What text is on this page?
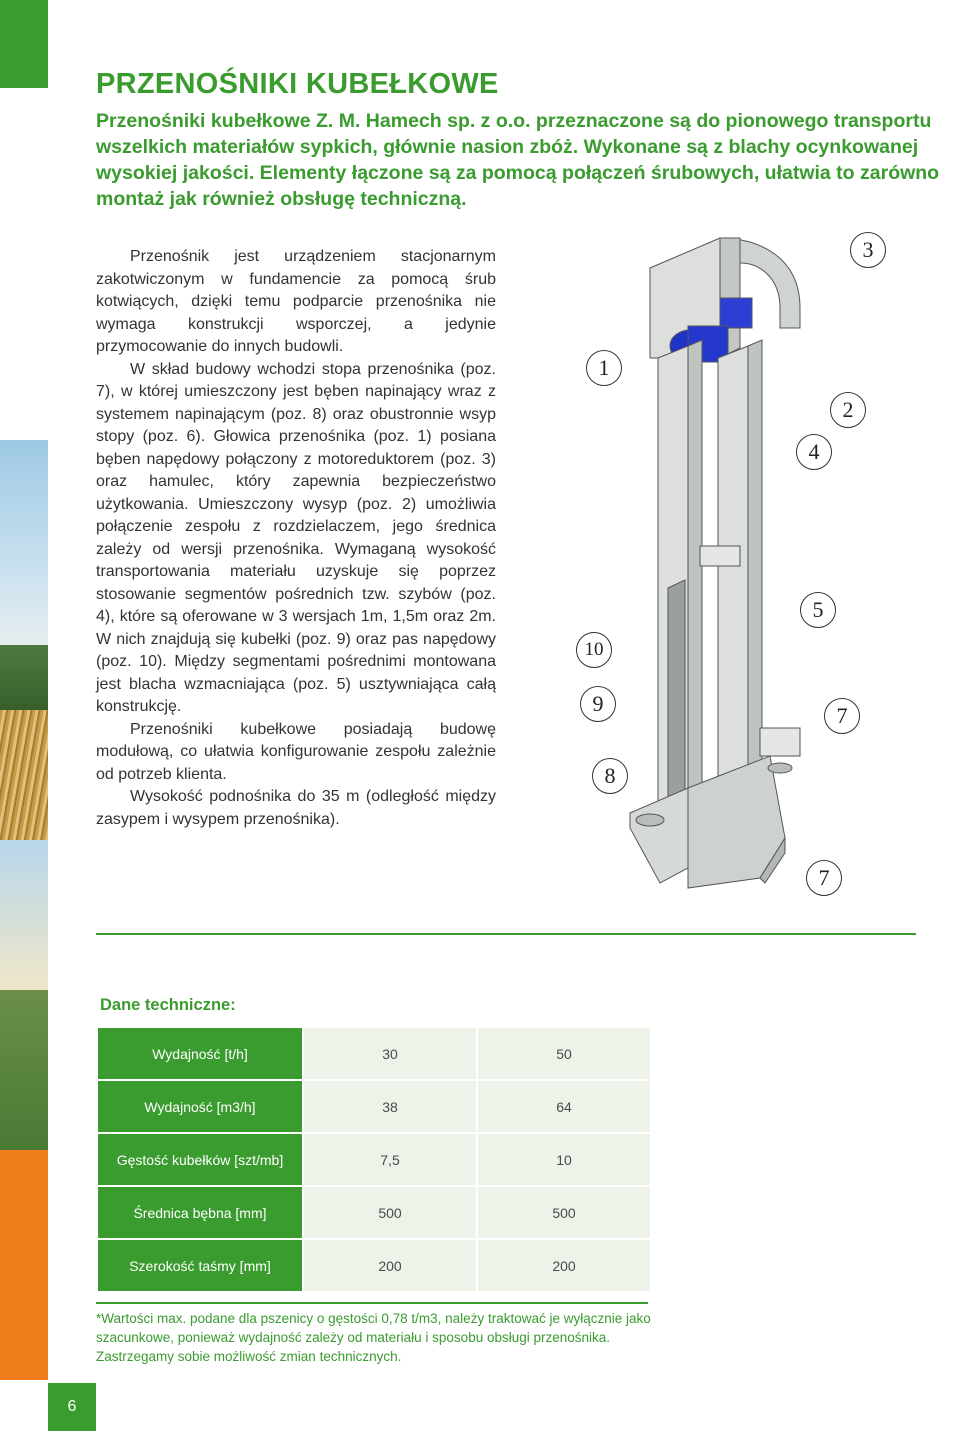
6
PRZENOŚNIKI KUBEŁKOWE

Przenośniki kubełkowe Z. M. Hamech sp. z o.o. przeznaczone są do pionowego transportu wszelkich materiałów sypkich, głównie nasion zbóż. Wykonane są z blachy ocynkowanej wysokiej jakości. Elementy łączone są za pomocą połączeń śrubowych, ułatwia to zarówno montaż jak również obsługę techniczną.

Przenośnik jest urządzeniem stacjonarnym zakotwiczonym w fundamencie za pomocą śrub kotwiących, dzięki temu podparcie przenośnika nie wymaga konstrukcji wsporczej, a jedynie przymocowanie do innych budowli.

W skład budowy wchodzi stopa przenośnika (poz. 7), w której umieszczony jest bęben napinający wraz z systemem napinającym (poz. 8) oraz obustronnie wsyp stopy (poz. 6). Głowica przenośnika (poz. 1) posiana bęben napędowy połączony z motoreduktorem (poz. 3) oraz hamulec, który zapewnia bezpieczeństwo użytkowania. Umieszczony wysyp (poz. 2) umożliwia połączenie zespołu z rozdzielaczem, jego średnica zależy od wersji przenośnika. Wymaganą wysokość transportowania materiału uzyskuje się poprzez stosowanie segmentów pośrednich tzw. szybów (poz. 4), które są oferowane w 3 wersjach 1m, 1,5m oraz 2m. W nich znajdują się kubełki (poz. 9) oraz pas napędowy (poz. 10). Między segmentami pośrednimi montowana jest blacha wzmacniająca (poz. 5) usztywniająca całą konstrukcję.

Przenośniki kubełkowe posiadają budowę modułową, co ułatwia konfigurowanie zespołu zależnie od potrzeb klienta.

Wysokość podnośnika do 35 m (odległość między zasypem i wysypem przenośnika).

3
1
2
4
5
10
9	7
8
7
Dane techniczne:
Wydajność [t/h]	30	50
Wydajność [m3/h]	38	64
Gęstość kubełków [szt/mb]	7,5	10
Średnica bębna [mm]	500	500
Szerokość taśmy [mm]	200	200

*Wartości max. podane dla pszenicy o gęstości 0,78 t/m3, należy traktować je wyłącznie jako szacunkowe, ponieważ wydajność zależy od materiału i sposobu obsługi przenośnika. Zastrzegamy sobie możliwość zmian technicznych.
